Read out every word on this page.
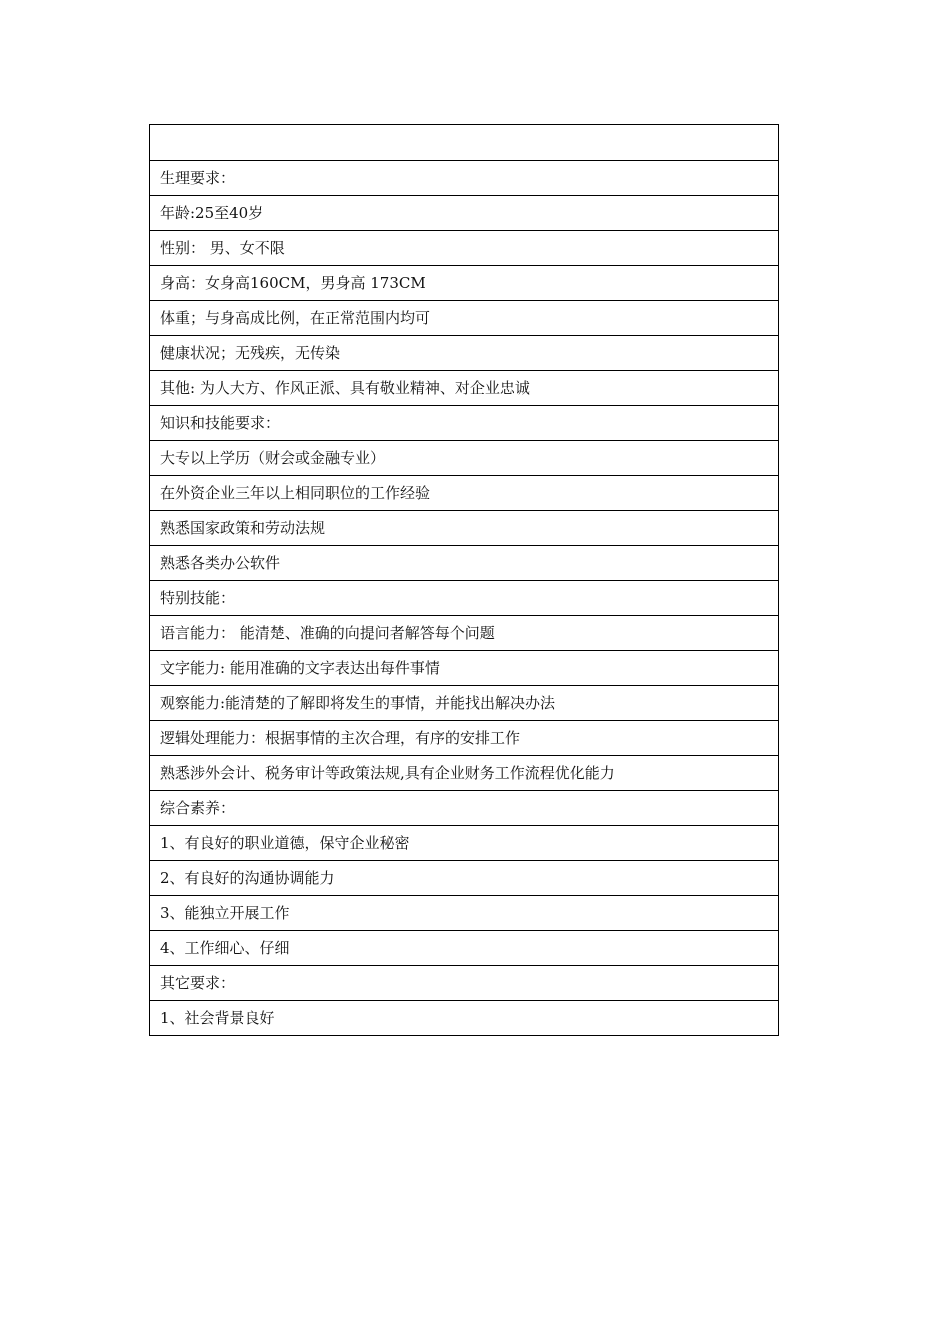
生理要求：
年龄:25至40岁
性别： 男、女不限
身高：女身高160CM，男身高 173CM
体重；与身高成比例，在正常范围内均可
健康状况；无残疾，无传染
其他: 为人大方、作风正派、具有敬业精神、对企业忠诚
知识和技能要求：
大专以上学历（财会或金融专业）
在外资企业三年以上相同职位的工作经验
熟悉国家政策和劳动法规
熟悉各类办公软件
特别技能：
语言能力： 能清楚、准确的向提问者解答每个问题
文字能力: 能用准确的文字表达出每件事情
观察能力:能清楚的了解即将发生的事情，并能找出解决办法
逻辑处理能力：根据事情的主次合理，有序的安排工作
熟悉涉外会计、税务审计等政策法规,具有企业财务工作流程优化能力
综合素养：
1、有良好的职业道德，保守企业秘密
2、有良好的沟通协调能力
3、能独立开展工作
4、工作细心、仔细
其它要求：
1、社会背景良好
